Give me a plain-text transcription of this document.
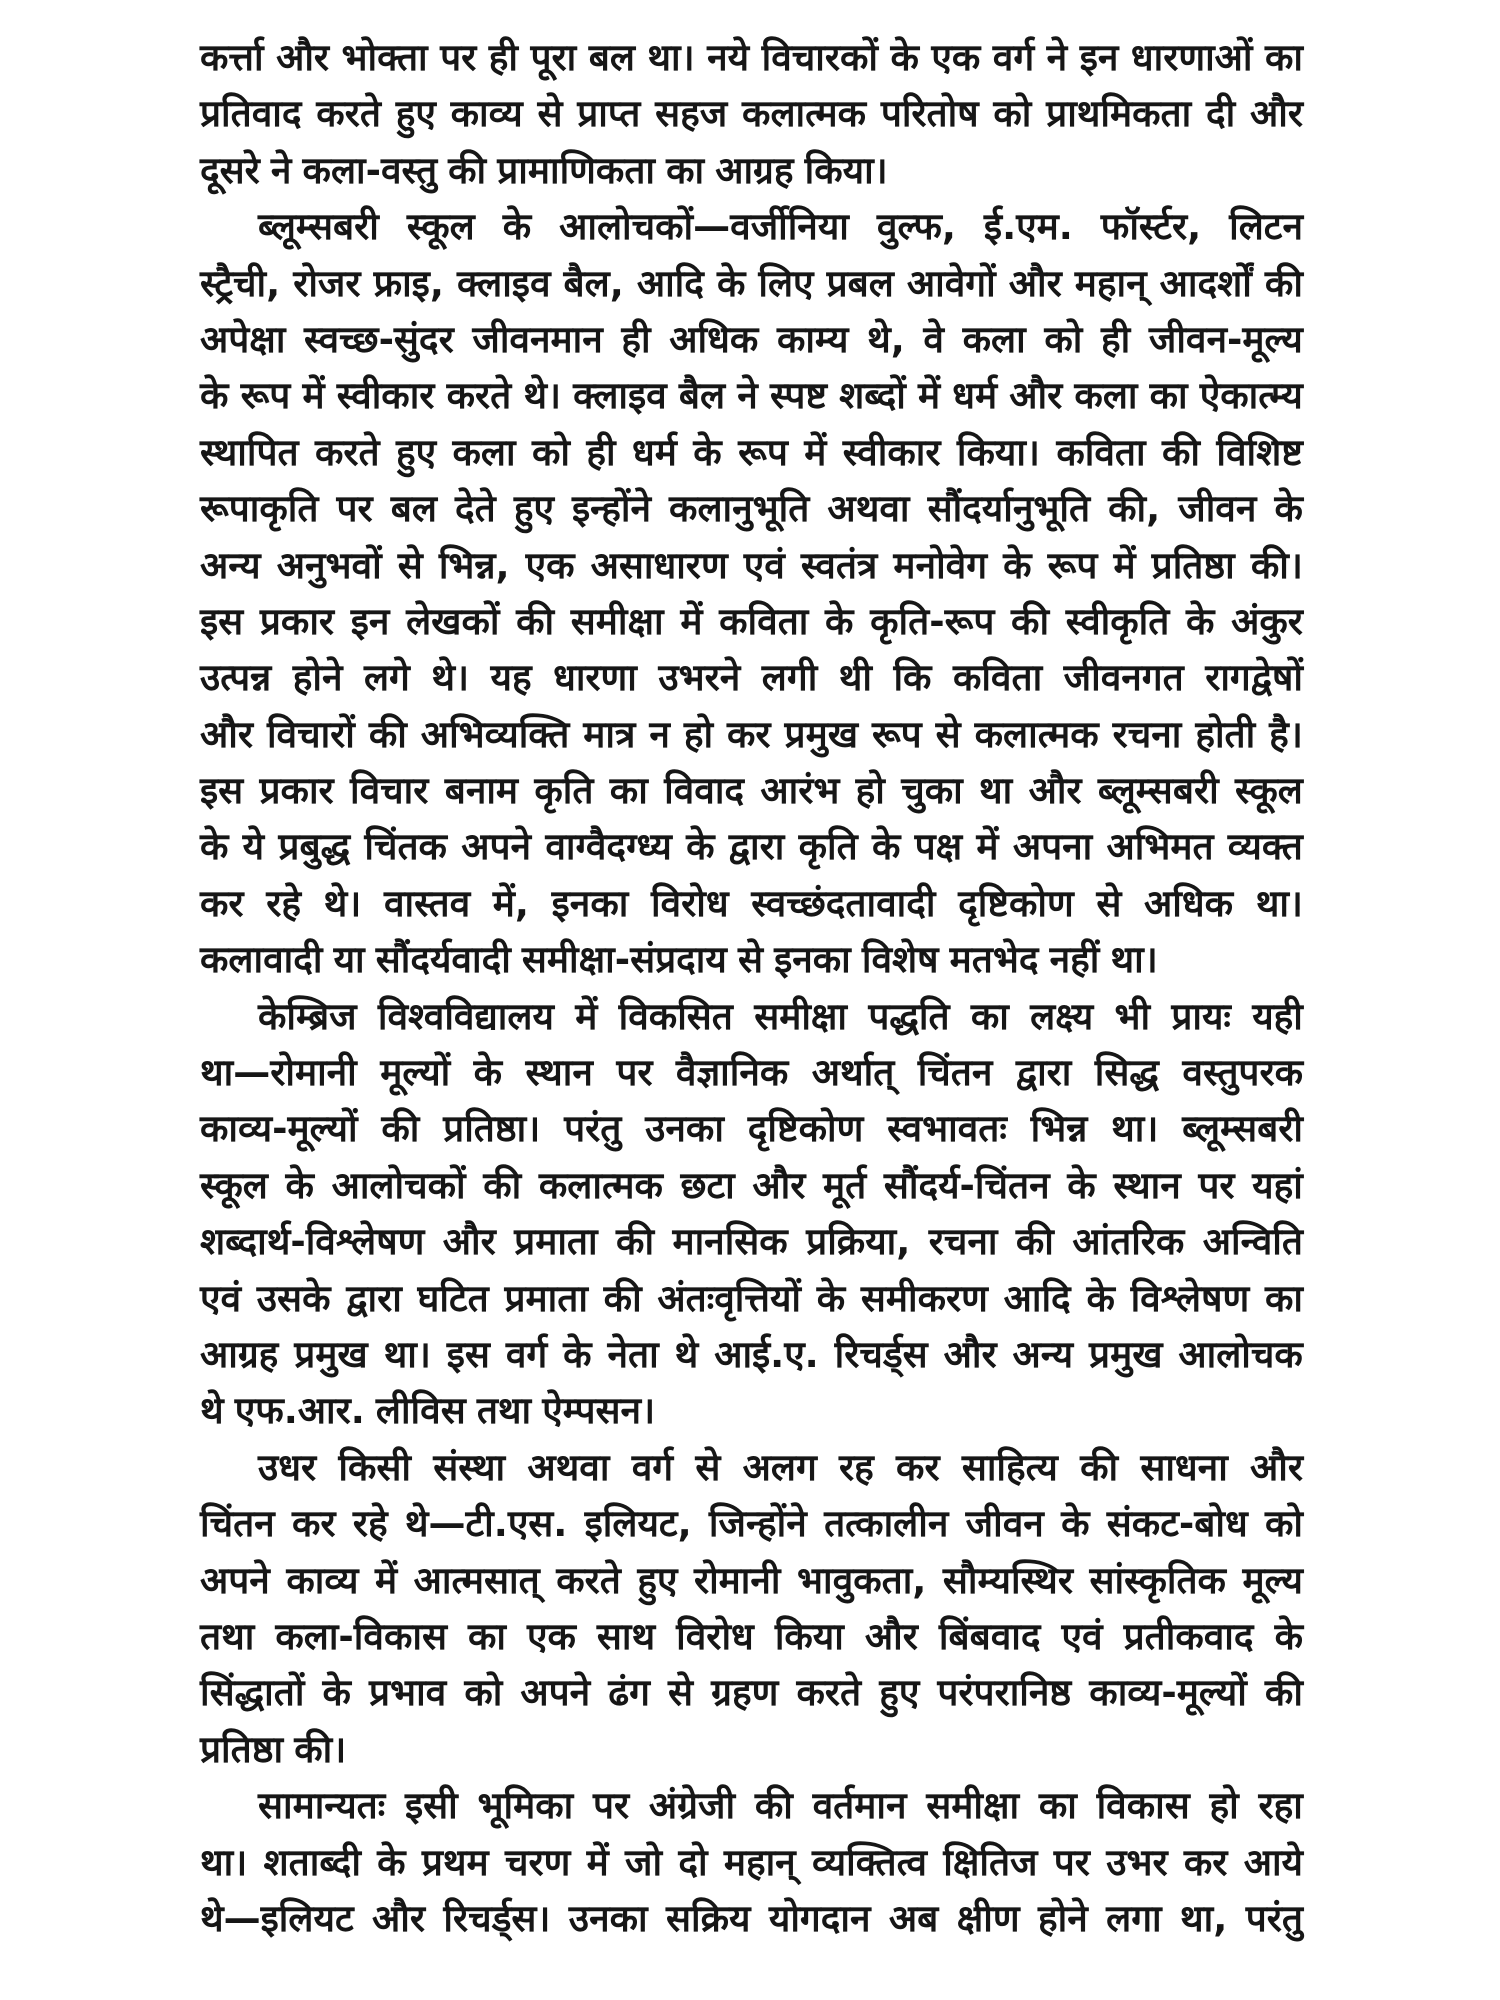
कर्त्ता और भोक्ता पर ही पूरा बल था। नये विचारकों के एक वर्ग ने इन धारणाओं का
प्रतिवाद करते हुए काव्य से प्राप्त सहज कलात्मक परितोष को प्राथमिकता दी और
दूसरे ने कला-वस्तु की प्रामाणिकता का आग्रह किया।
ब्लूम्सबरी स्कूल के आलोचकों—वर्जीनिया वुल्फ, ई.एम. फॉर्स्टर, लिटन
स्ट्रैची, रोजर फ्राइ, क्लाइव बैल, आदि के लिए प्रबल आवेगों और महान् आदर्शों की
अपेक्षा स्वच्छ-सुंदर जीवनमान ही अधिक काम्य थे, वे कला को ही जीवन-मूल्य
के रूप में स्वीकार करते थे। क्लाइव बैल ने स्पष्ट शब्दों में धर्म और कला का ऐकात्म्य
स्थापित करते हुए कला को ही धर्म के रूप में स्वीकार किया। कविता की विशिष्ट
रूपाकृति पर बल देते हुए इन्होंने कलानुभूति अथवा सौंदर्यानुभूति की, जीवन के
अन्य अनुभवों से भिन्न, एक असाधारण एवं स्वतंत्र मनोवेग के रूप में प्रतिष्ठा की।
इस प्रकार इन लेखकों की समीक्षा में कविता के कृति-रूप की स्वीकृति के अंकुर
उत्पन्न होने लगे थे। यह धारणा उभरने लगी थी कि कविता जीवनगत रागद्वेषों
और विचारों की अभिव्यक्ति मात्र न हो कर प्रमुख रूप से कलात्मक रचना होती है।
इस प्रकार विचार बनाम कृति का विवाद आरंभ हो चुका था और ब्लूम्सबरी स्कूल
के ये प्रबुद्ध चिंतक अपने वाग्वैदग्ध्य के द्वारा कृति के पक्ष में अपना अभिमत व्यक्त
कर रहे थे। वास्तव में, इनका विरोध स्वच्छंदतावादी दृष्टिकोण से अधिक था।
कलावादी या सौंदर्यवादी समीक्षा-संप्रदाय से इनका विशेष मतभेद नहीं था।
केम्ब्रिज विश्वविद्यालय में विकसित समीक्षा पद्धति का लक्ष्य भी प्रायः यही
था—रोमानी मूल्यों के स्थान पर वैज्ञानिक अर्थात् चिंतन द्वारा सिद्ध वस्तुपरक
काव्य-मूल्यों की प्रतिष्ठा। परंतु उनका दृष्टिकोण स्वभावतः भिन्न था। ब्लूम्सबरी
स्कूल के आलोचकों की कलात्मक छटा और मूर्त सौंदर्य-चिंतन के स्थान पर यहां
शब्दार्थ-विश्लेषण और प्रमाता की मानसिक प्रक्रिया, रचना की आंतरिक अन्विति
एवं उसके द्वारा घटित प्रमाता की अंतःवृत्तियों के समीकरण आदि के विश्लेषण का
आग्रह प्रमुख था। इस वर्ग के नेता थे आई.ए. रिचर्ड्स और अन्य प्रमुख आलोचक
थे एफ.आर. लीविस तथा ऐम्पसन।
उधर किसी संस्था अथवा वर्ग से अलग रह कर साहित्य की साधना और
चिंतन कर रहे थे—टी.एस. इलियट, जिन्होंने तत्कालीन जीवन के संकट-बोध को
अपने काव्य में आत्मसात् करते हुए रोमानी भावुकता, सौम्यस्थिर सांस्कृतिक मूल्य
तथा कला-विकास का एक साथ विरोध किया और बिंबवाद एवं प्रतीकवाद के
सिंद्धातों के प्रभाव को अपने ढंग से ग्रहण करते हुए परंपरानिष्ठ काव्य-मूल्यों की
प्रतिष्ठा की।
सामान्यतः इसी भूमिका पर अंग्रेजी की वर्तमान समीक्षा का विकास हो रहा
था। शताब्दी के प्रथम चरण में जो दो महान् व्यक्तित्व क्षितिज पर उभर कर आये
थे—इलियट और रिचर्ड्स। उनका सक्रिय योगदान अब क्षीण होने लगा था, परंतु
